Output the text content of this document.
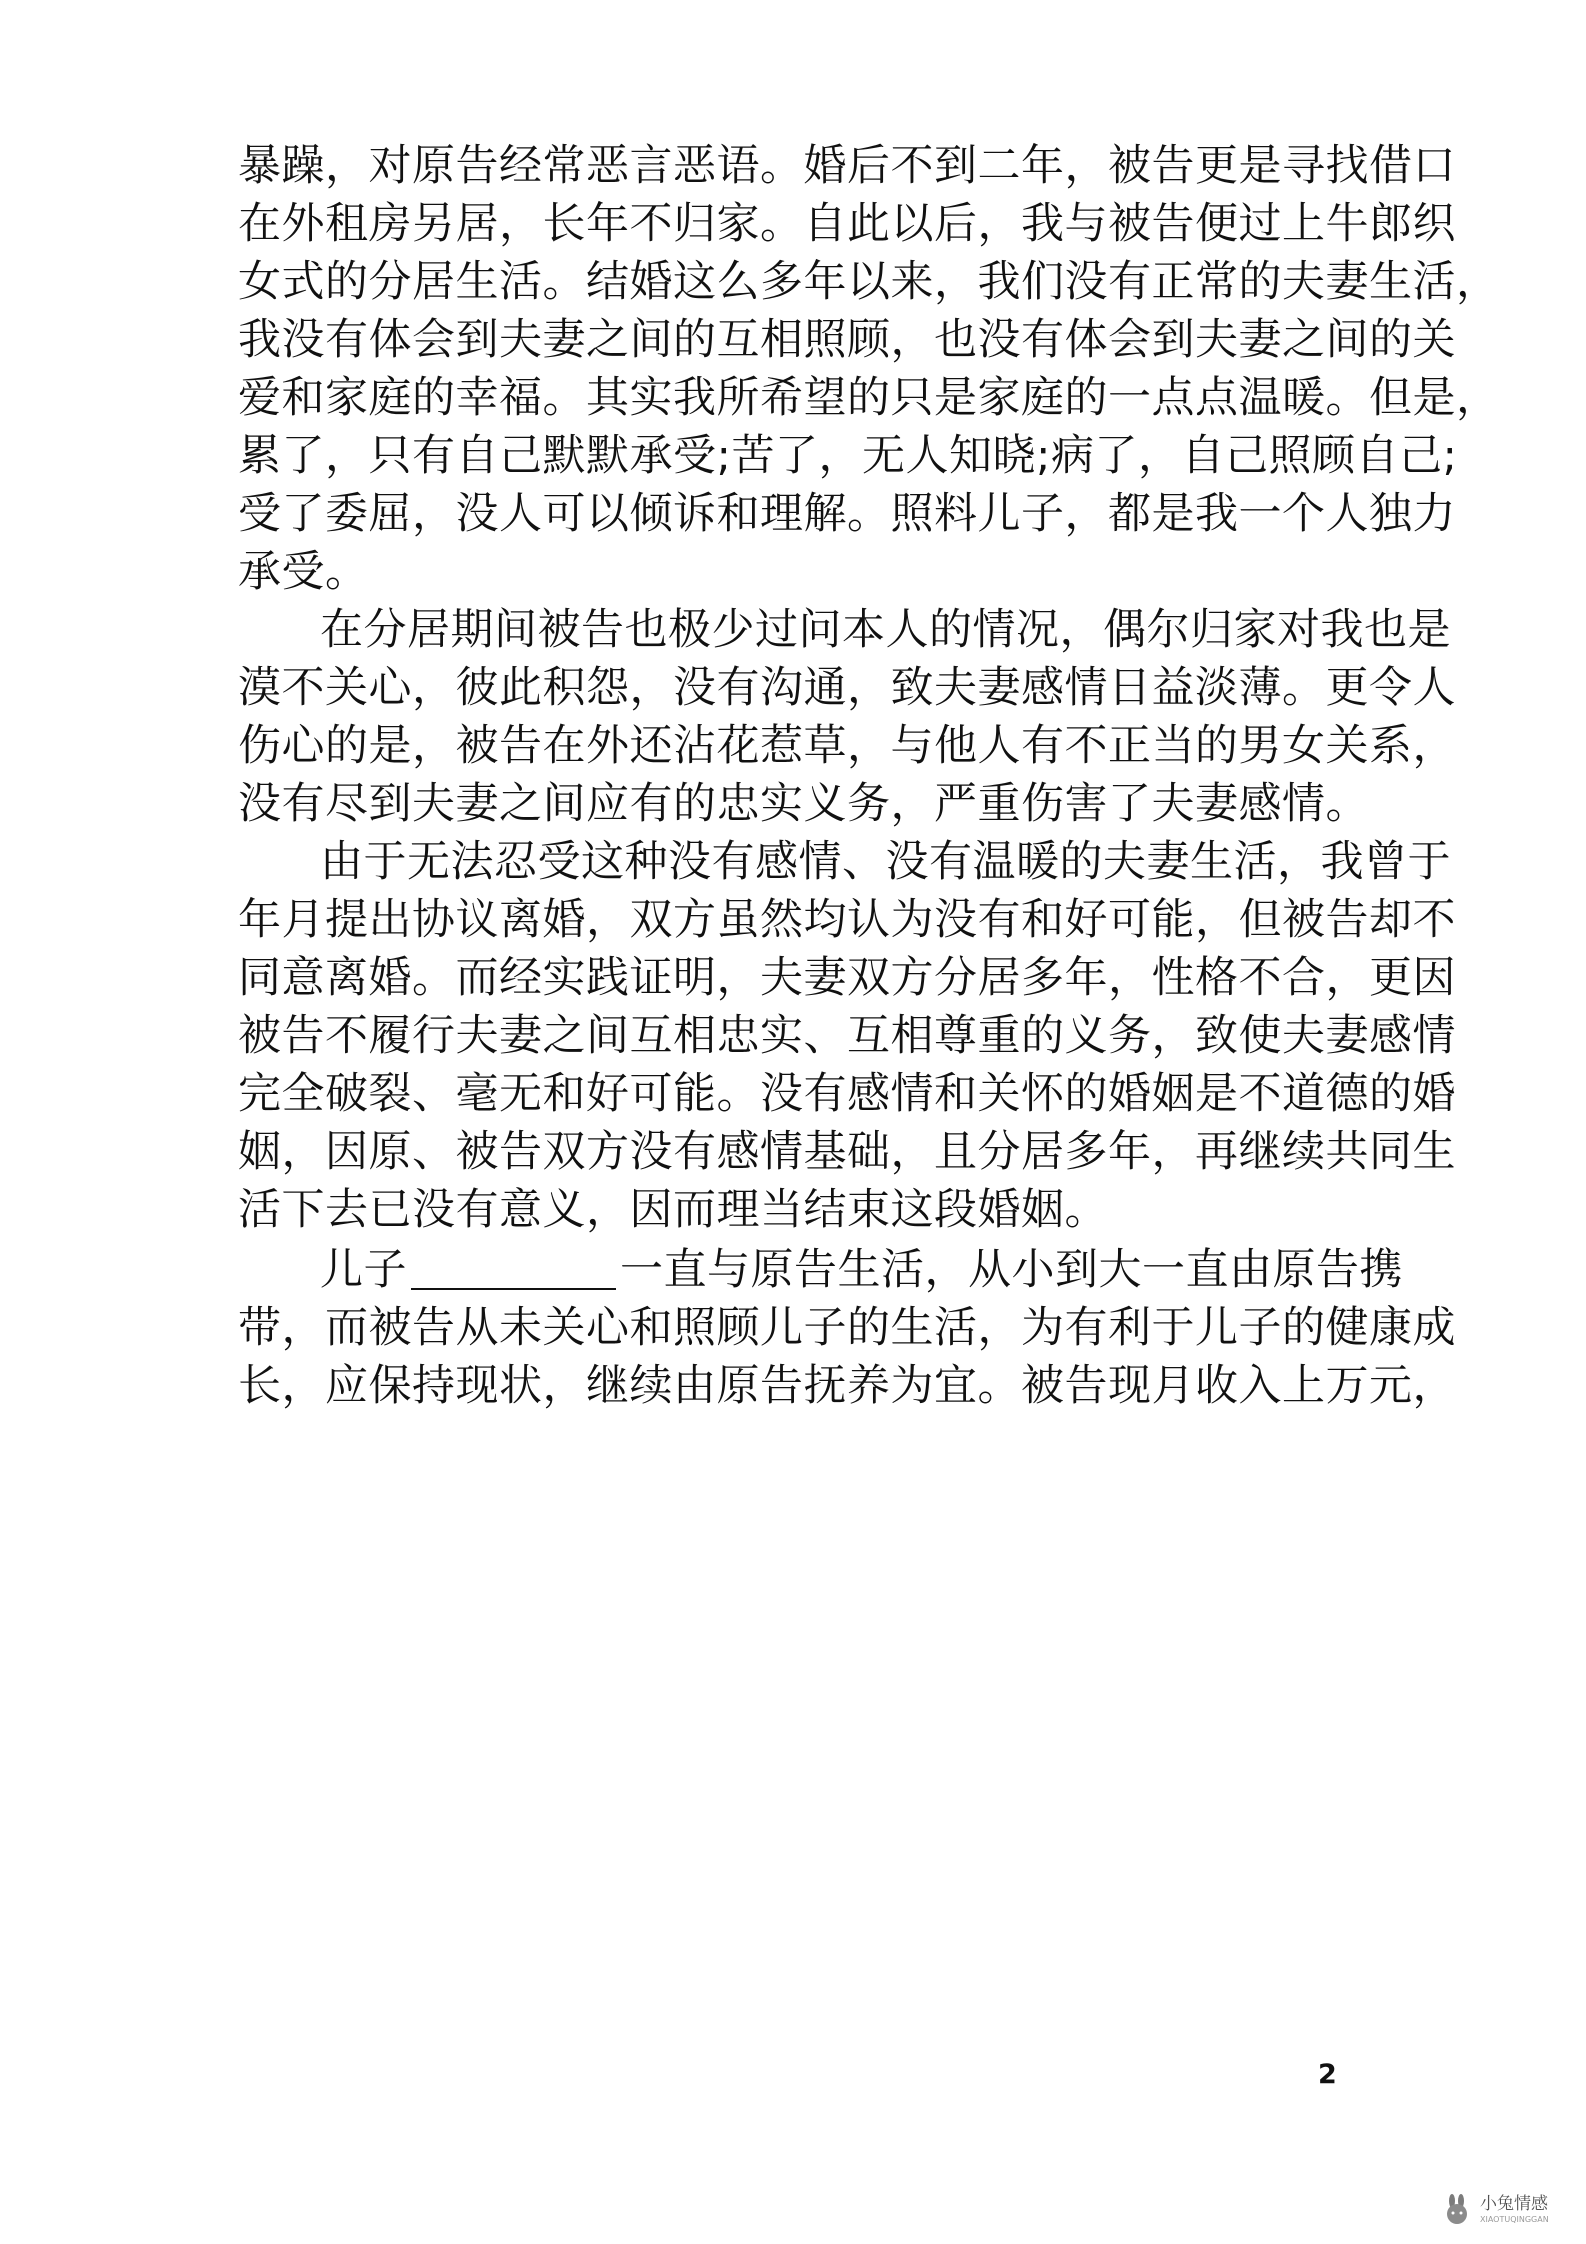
暴躁，对原告经常恶言恶语。婚后不到二年，被告更是寻找借口
在外租房另居，长年不归家。自此以后，我与被告便过上牛郎织
女式的分居生活。结婚这么多年以来，我们没有正常的夫妻生活，
我没有体会到夫妻之间的互相照顾，也没有体会到夫妻之间的关
爱和家庭的幸福。其实我所希望的只是家庭的一点点温暖。但是，
累了，只有自己默默承受;苦了，无人知晓;病了，自己照顾自己;
受了委屈，没人可以倾诉和理解。照料儿子，都是我一个人独力
承受。
在分居期间被告也极少过问本人的情况，偶尔归家对我也是
漠不关心，彼此积怨，没有沟通，致夫妻感情日益淡薄。更令人
伤心的是，被告在外还沾花惹草，与他人有不正当的男女关系，
没有尽到夫妻之间应有的忠实义务，严重伤害了夫妻感情。
由于无法忍受这种没有感情、没有温暖的夫妻生活，我曾于
年月提出协议离婚，双方虽然均认为没有和好可能，但被告却不
同意离婚。而经实践证明，夫妻双方分居多年，性格不合，更因
被告不履行夫妻之间互相忠实、互相尊重的义务，致使夫妻感情
完全破裂、毫无和好可能。没有感情和关怀的婚姻是不道德的婚
姻，因原、被告双方没有感情基础，且分居多年，再继续共同生
活下去已没有意义，因而理当结束这段婚姻。
儿子	一直与原告生活，从小到大一直由原告携
带，而被告从未关心和照顾儿子的生活，为有利于儿子的健康成
长，应保持现状，继续由原告抚养为宜。被告现月收入上万元，
2
小兔情感
XIAOTUQINGGAN
